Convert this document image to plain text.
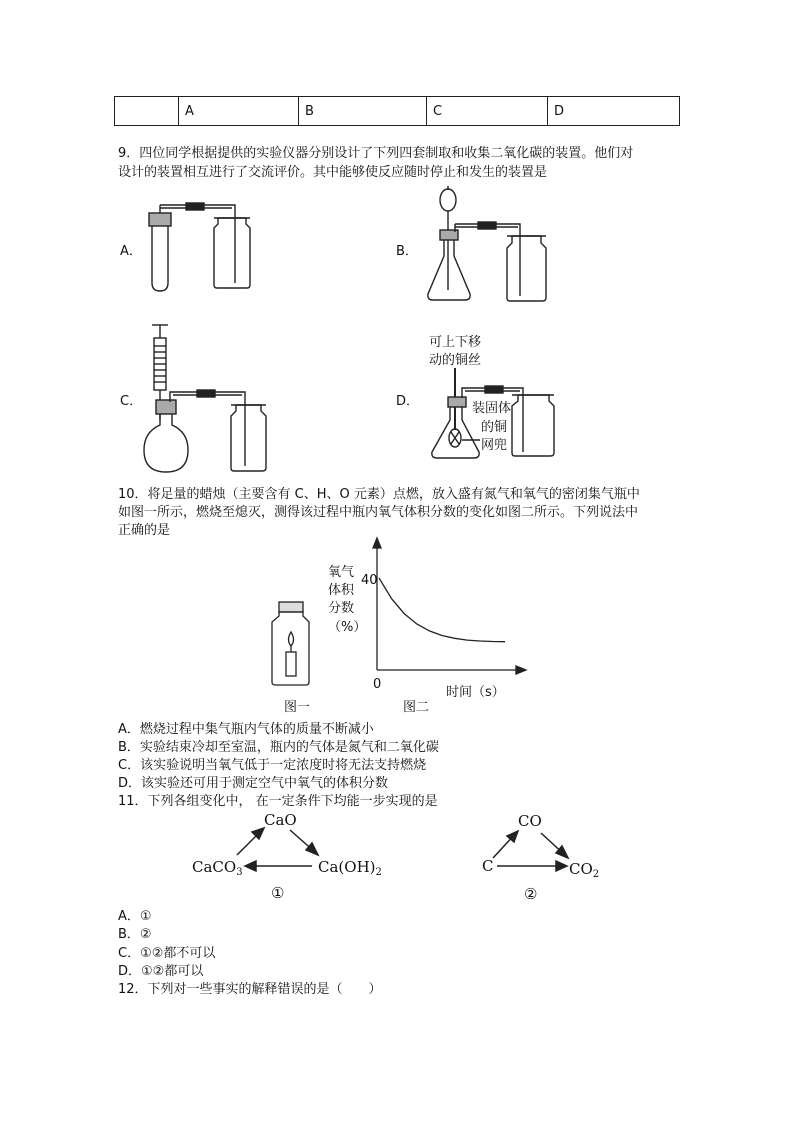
	A	B	C	D
9．四位同学根据提供的实验仪器分别设计了下列四套制取和收集二氧化碳的装置。他们对
设计的装置相互进行了交流评价。其中能够使反应随时停止和发生的装置是
A．	B．
C．	D．
可上下移
动的铜丝
装固体
的铜
网兜
10．将足量的蜡烛（主要含有 C、H、O 元素）点燃，放入盛有氮气和氧气的密闭集气瓶中
如图一所示，燃烧至熄灭，测得该过程中瓶内氧气体积分数的变化如图二所示。下列说法中
正确的是
图一
氧气
体积
分数
（%）
40
0
时间（s）
图二
A．燃烧过程中集气瓶内气体的质量不断减小
B．实验结束冷却至室温，瓶内的气体是氮气和二氧化碳
C．该实验说明当氧气低于一定浓度时将无法支持燃烧
D．该实验还可用于测定空气中氧气的体积分数
11．下列各组变化中， 在一定条件下均能一步实现的是
CaO
CaCO$_3$	$Ca(OH)_2$
①
CO
C	$CO_2$
②
A．①
B．②
C．①②都不可以
D．①②都可以
12．下列对一些事实的解释错误的是（　　）
